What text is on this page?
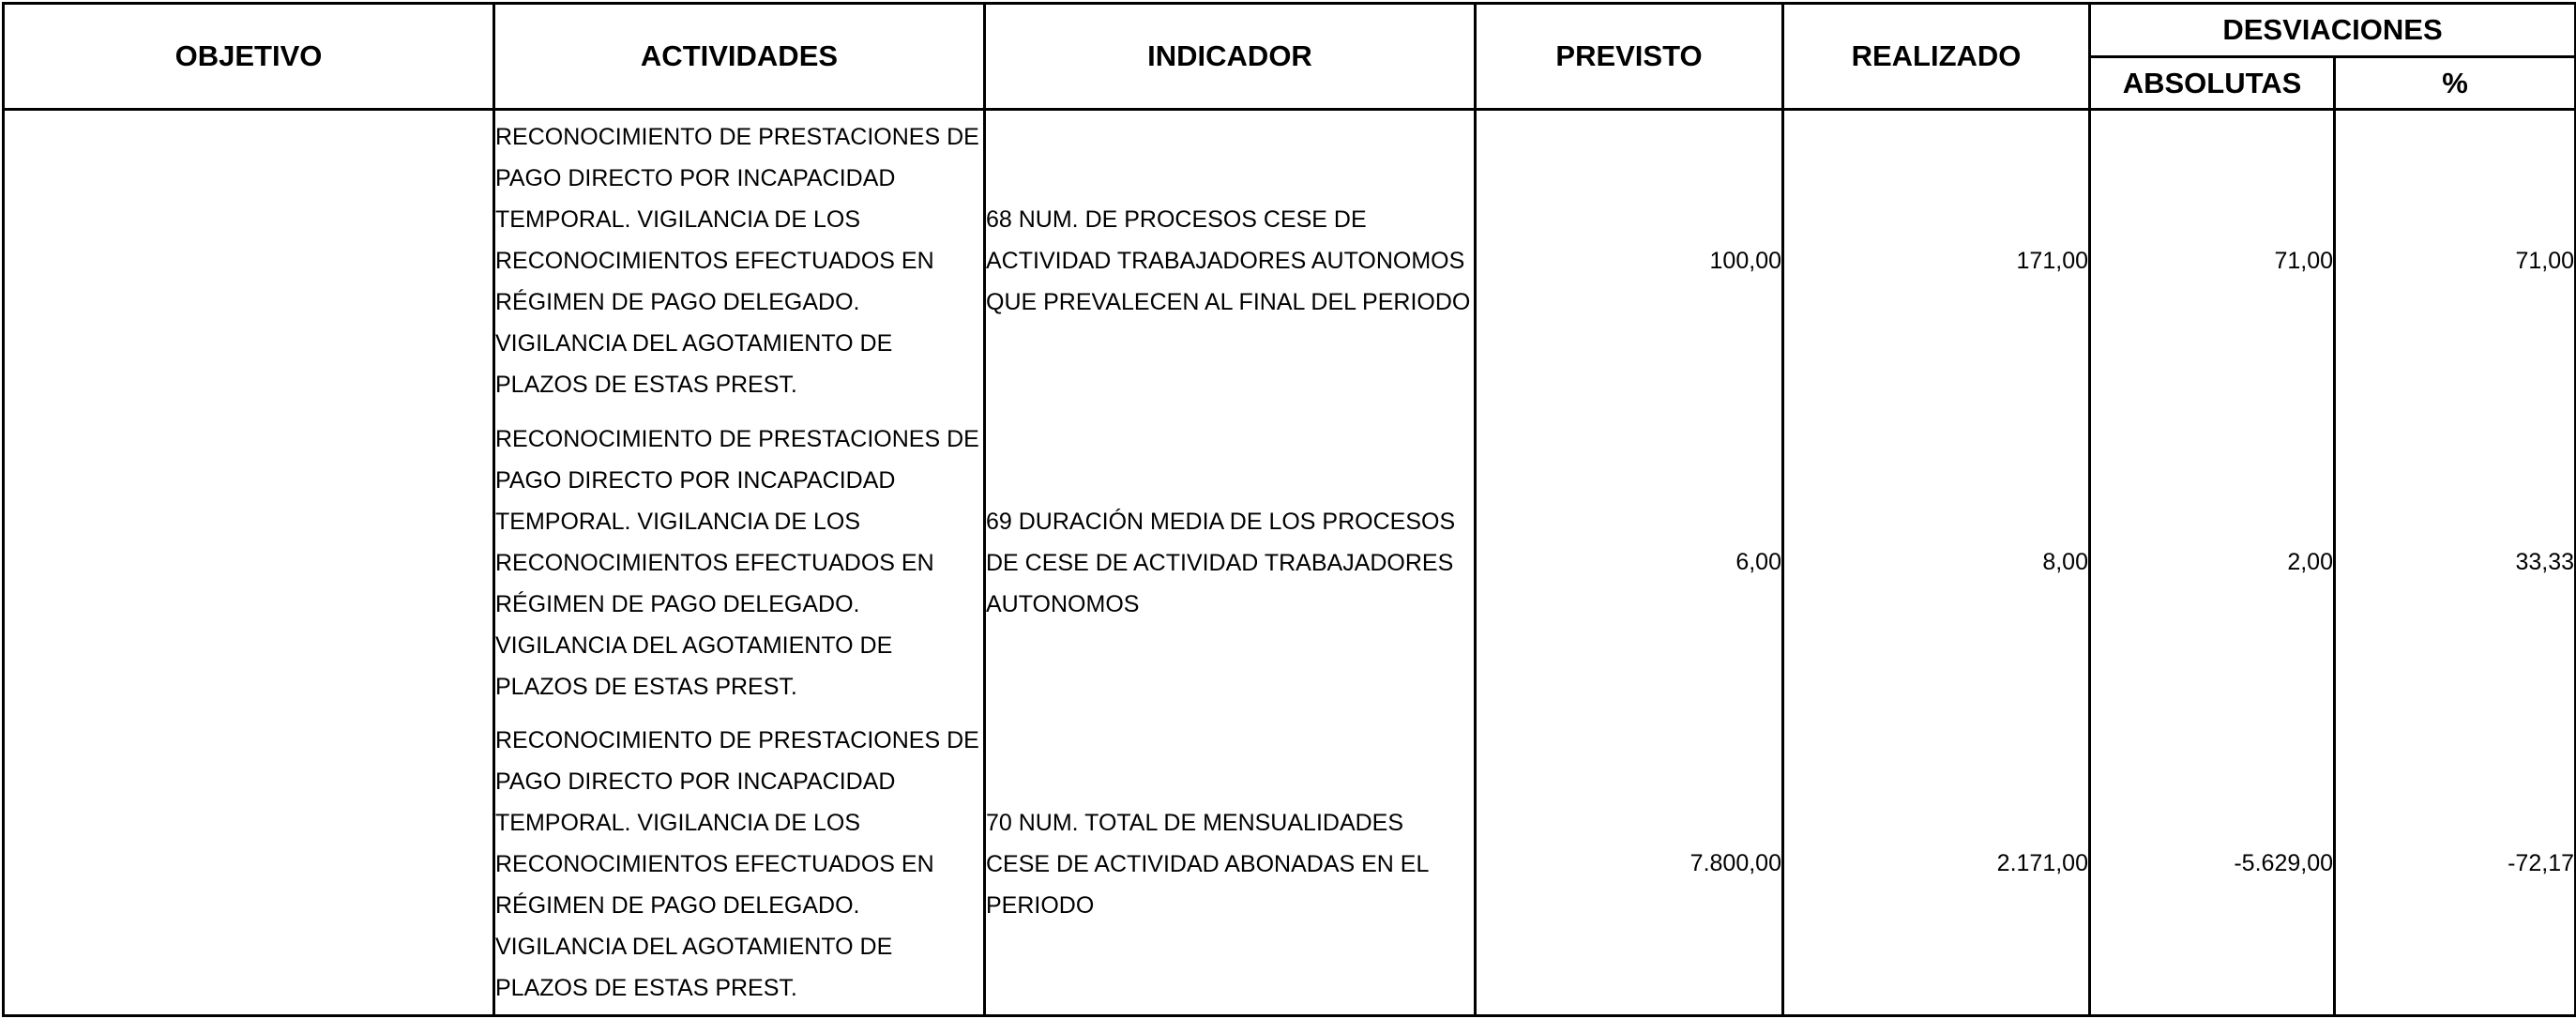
OBJETIVO	ACTIVIDADES	INDICADOR	PREVISTO	REALIZADO	DESVIACIONES	
					ABSOLUTAS	%

	RECONOCIMIENTO DE PRESTACIONES DE PAGO DIRECTO POR INCAPACIDAD TEMPORAL. VIGILANCIA DE LOS RECONOCIMIENTOS EFECTUADOS EN RÉGIMEN DE PAGO DELEGADO. VIGILANCIA DEL AGOTAMIENTO DE PLAZOS DE ESTAS PREST.	68 NUM. DE PROCESOS CESE DE ACTIVIDAD TRABAJADORES AUTONOMOS QUE PREVALECEN AL FINAL DEL PERIODO	100,00	171,00	71,00	71,00

	RECONOCIMIENTO DE PRESTACIONES DE PAGO DIRECTO POR INCAPACIDAD TEMPORAL. VIGILANCIA DE LOS RECONOCIMIENTOS EFECTUADOS EN RÉGIMEN DE PAGO DELEGADO. VIGILANCIA DEL AGOTAMIENTO DE PLAZOS DE ESTAS PREST.	69 DURACIÓN MEDIA DE LOS PROCESOS DE CESE DE ACTIVIDAD TRABAJADORES AUTONOMOS	6,00	8,00	2,00	33,33

	RECONOCIMIENTO DE PRESTACIONES DE PAGO DIRECTO POR INCAPACIDAD TEMPORAL. VIGILANCIA DE LOS RECONOCIMIENTOS EFECTUADOS EN RÉGIMEN DE PAGO DELEGADO. VIGILANCIA DEL AGOTAMIENTO DE PLAZOS DE ESTAS PREST.	70 NUM. TOTAL DE MENSUALIDADES CESE DE ACTIVIDAD ABONADAS EN EL PERIODO	7.800,00	2.171,00	-5.629,00	-72,17
